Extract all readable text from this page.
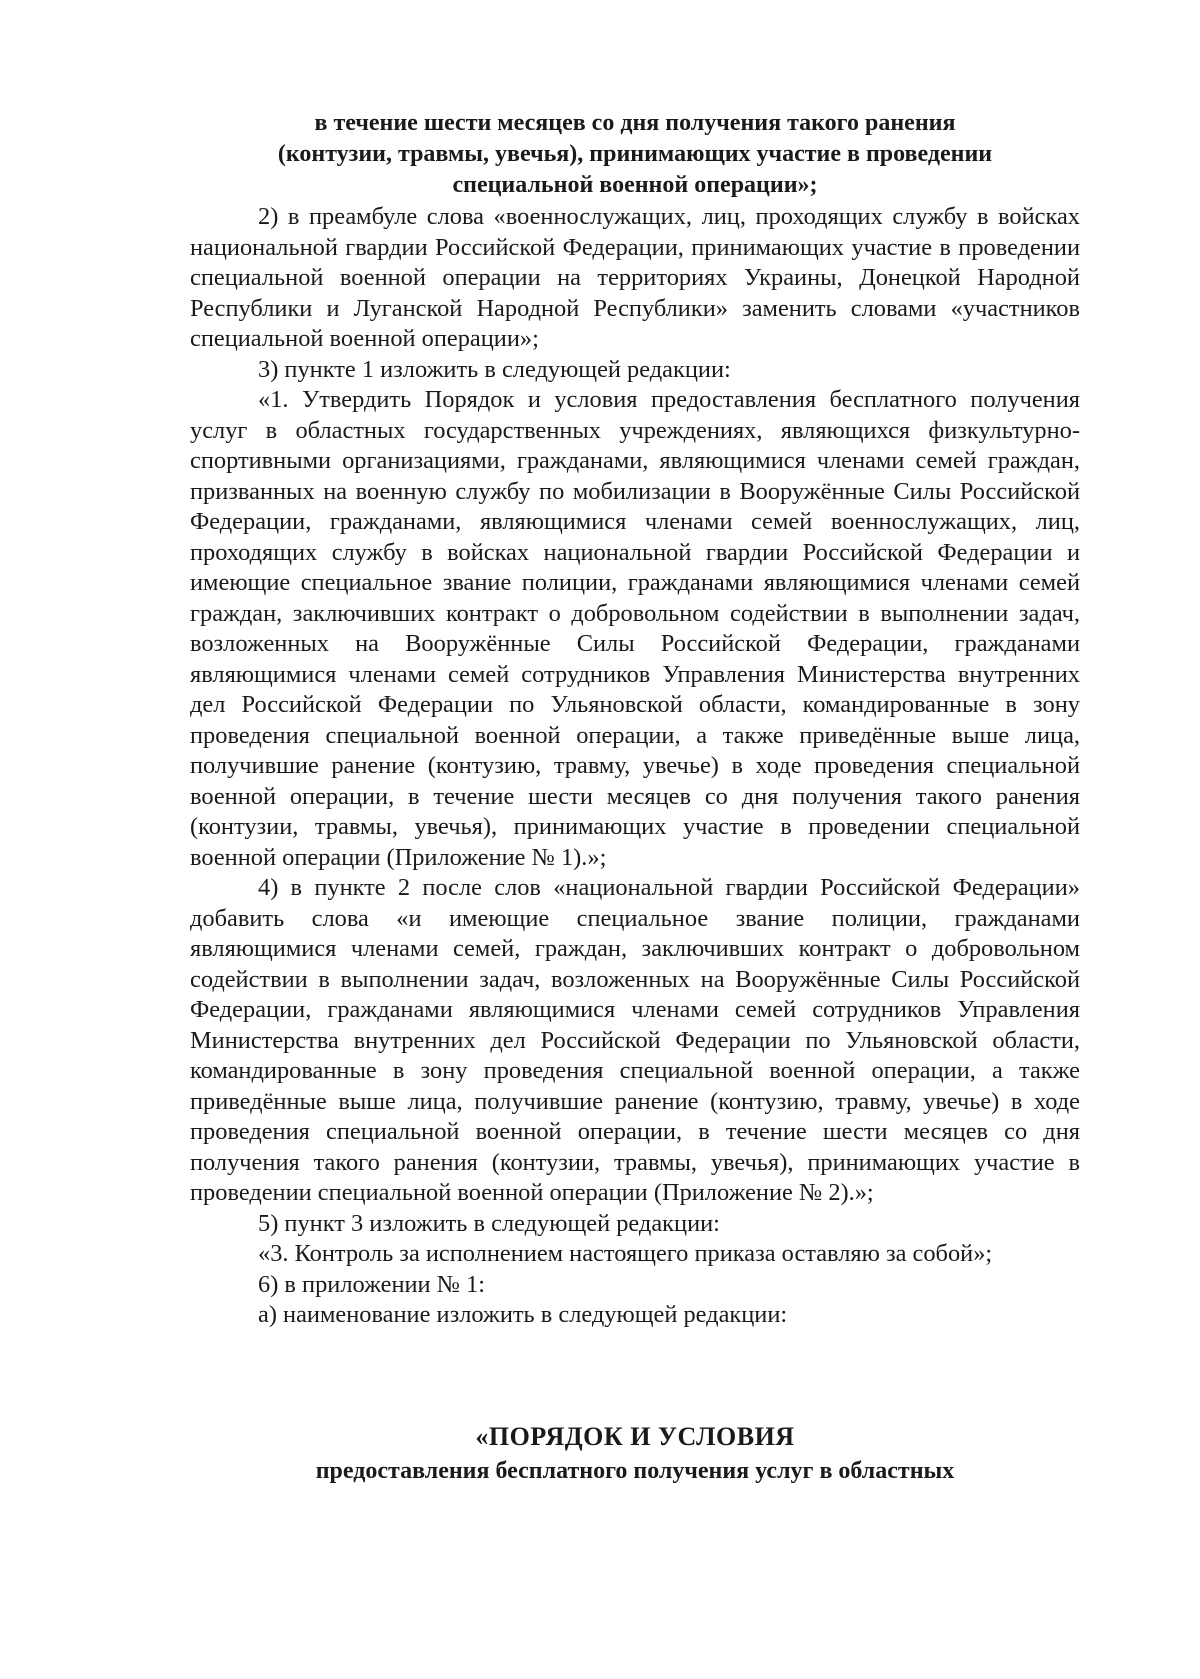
в течение шести месяцев со дня получения такого ранения
(контузии, травмы, увечья), принимающих участие в проведении
специальной военной операции»;

2) в преамбуле слова «военнослужащих, лиц, проходящих службу в войсках национальной гвардии Российской Федерации, принимающих участие в проведении специальной военной операции на территориях Украины, Донецкой Народной Республики и Луганской Народной Республики» заменить словами «участников специальной военной операции»;

3) пункте 1 изложить в следующей редакции:

«1. Утвердить Порядок и условия предоставления бесплатного получения услуг в областных государственных учреждениях, являющихся физкультурно-спортивными организациями, гражданами, являющимися членами семей граждан, призванных на военную службу по мобилизации в Вооружённые Силы Российской Федерации, гражданами, являющимися членами семей военнослужащих, лиц, проходящих службу в войсках национальной гвардии Российской Федерации и имеющие специальное звание полиции, гражданами являющимися членами семей граждан, заключивших контракт о добровольном содействии в выполнении задач, возложенных на Вооружённые Силы Российской Федерации, гражданами являющимися членами семей сотрудников Управления Министерства внутренних дел Российской Федерации по Ульяновской области, командированные в зону проведения специальной военной операции, а также приведённые выше лица, получившие ранение (контузию, травму, увечье) в ходе проведения специальной военной операции, в течение шести месяцев со дня получения такого ранения (контузии, травмы, увечья), принимающих участие в проведении специальной военной операции (Приложение № 1).»;

4) в пункте 2 после слов «национальной гвардии Российской Федерации» добавить слова «и имеющие специальное звание полиции, гражданами являющимися членами семей, граждан, заключивших контракт о добровольном содействии в выполнении задач, возложенных на Вооружённые Силы Российской Федерации, гражданами являющимися членами семей сотрудников Управления Министерства внутренних дел Российской Федерации по Ульяновской области, командированные в зону проведения специальной военной операции, а также приведённые выше лица, получившие ранение (контузию, травму, увечье) в ходе проведения специальной военной операции, в течение шести месяцев со дня получения такого ранения (контузии, травмы, увечья), принимающих участие в проведении специальной военной операции (Приложение № 2).»;

5) пункт 3 изложить в следующей редакции:

«3. Контроль за исполнением настоящего приказа оставляю за собой»;

6) в приложении № 1:

а) наименование изложить в следующей редакции:

«ПОРЯДОК И УСЛОВИЯ
предоставления бесплатного получения услуг в областных
